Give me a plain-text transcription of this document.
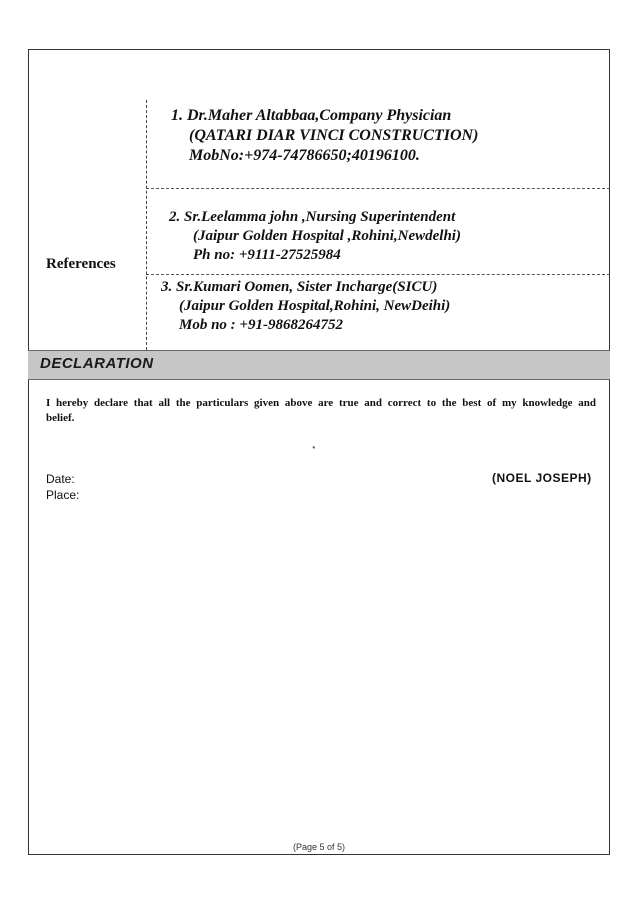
References
1. Dr.Maher Altabbaa,Company Physician
(QATARI DIAR VINCI CONSTRUCTION)
MobNo:+974-74786650;40196100.
2. Sr.Leelamma john ,Nursing Superintendent
(Jaipur Golden Hospital ,Rohini,Newdelhi)
Ph no: +9111-27525984
3. Sr.Kumari Oomen, Sister Incharge(SICU)
(Jaipur Golden Hospital,Rohini, NewDeihi)
Mob no : +91-9868264752
DECLARATION
I hereby declare that all the particulars given above are true and correct to the best of my knowledge and belief.
●
Date:
Place:
(NOEL JOSEPH)
(Page 5 of 5)
